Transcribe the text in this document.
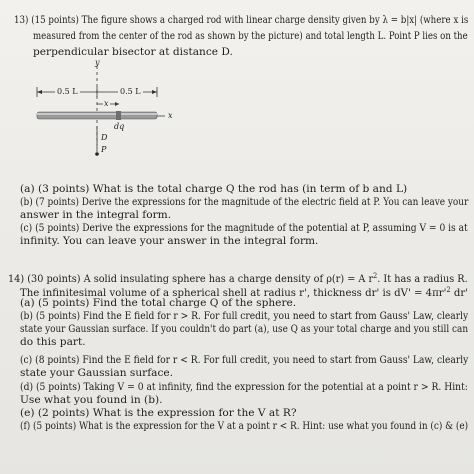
13) (15 points) The figure shows a charged rod with linear charge density given by λ = b|x| (where x is
measured from the center of the rod as shown by the picture) and total length L. Point P lies on the
perpendicular bisector at distance D.
y
x
0.5 L	0.5 L
x
dq
D
P
(a) (3 points) What is the total charge Q the rod has (in term of b and L)
(b) (7 points) Derive the expressions for the magnitude of the electric field at P. You can leave your
answer in the integral form.
(c) (5 points) Derive the expressions for the magnitude of the potential at P, assuming V = 0 is at
infinity. You can leave your answer in the integral form.
14) (30 points) A solid insulating sphere has a charge density of ρ(r) = A $r^2$. It has a radius R.
The infinitesimal volume of a spherical shell at radius r', thickness dr' is $dV' = 4\pi r'^2$ dr'
(a) (5 points) Find the total charge Q of the sphere.
(b) (5 points) Find the E field for r > R. For full credit, you need to start from Gauss' Law, clearly
state your Gaussian surface. If you couldn't do part (a), use Q as your total charge and you still can
do this part.
(c) (8 points) Find the E field for r < R. For full credit, you need to start from Gauss' Law, clearly
state your Gaussian surface.
(d) (5 points) Taking V = 0 at infinity, find the expression for the potential at a point r > R. Hint:
Use what you found in (b).
(e) (2 points) What is the expression for the V at R?
(f) (5 points) What is the expression for the V at a point r < R. Hint: use what you found in (c) & (e)
